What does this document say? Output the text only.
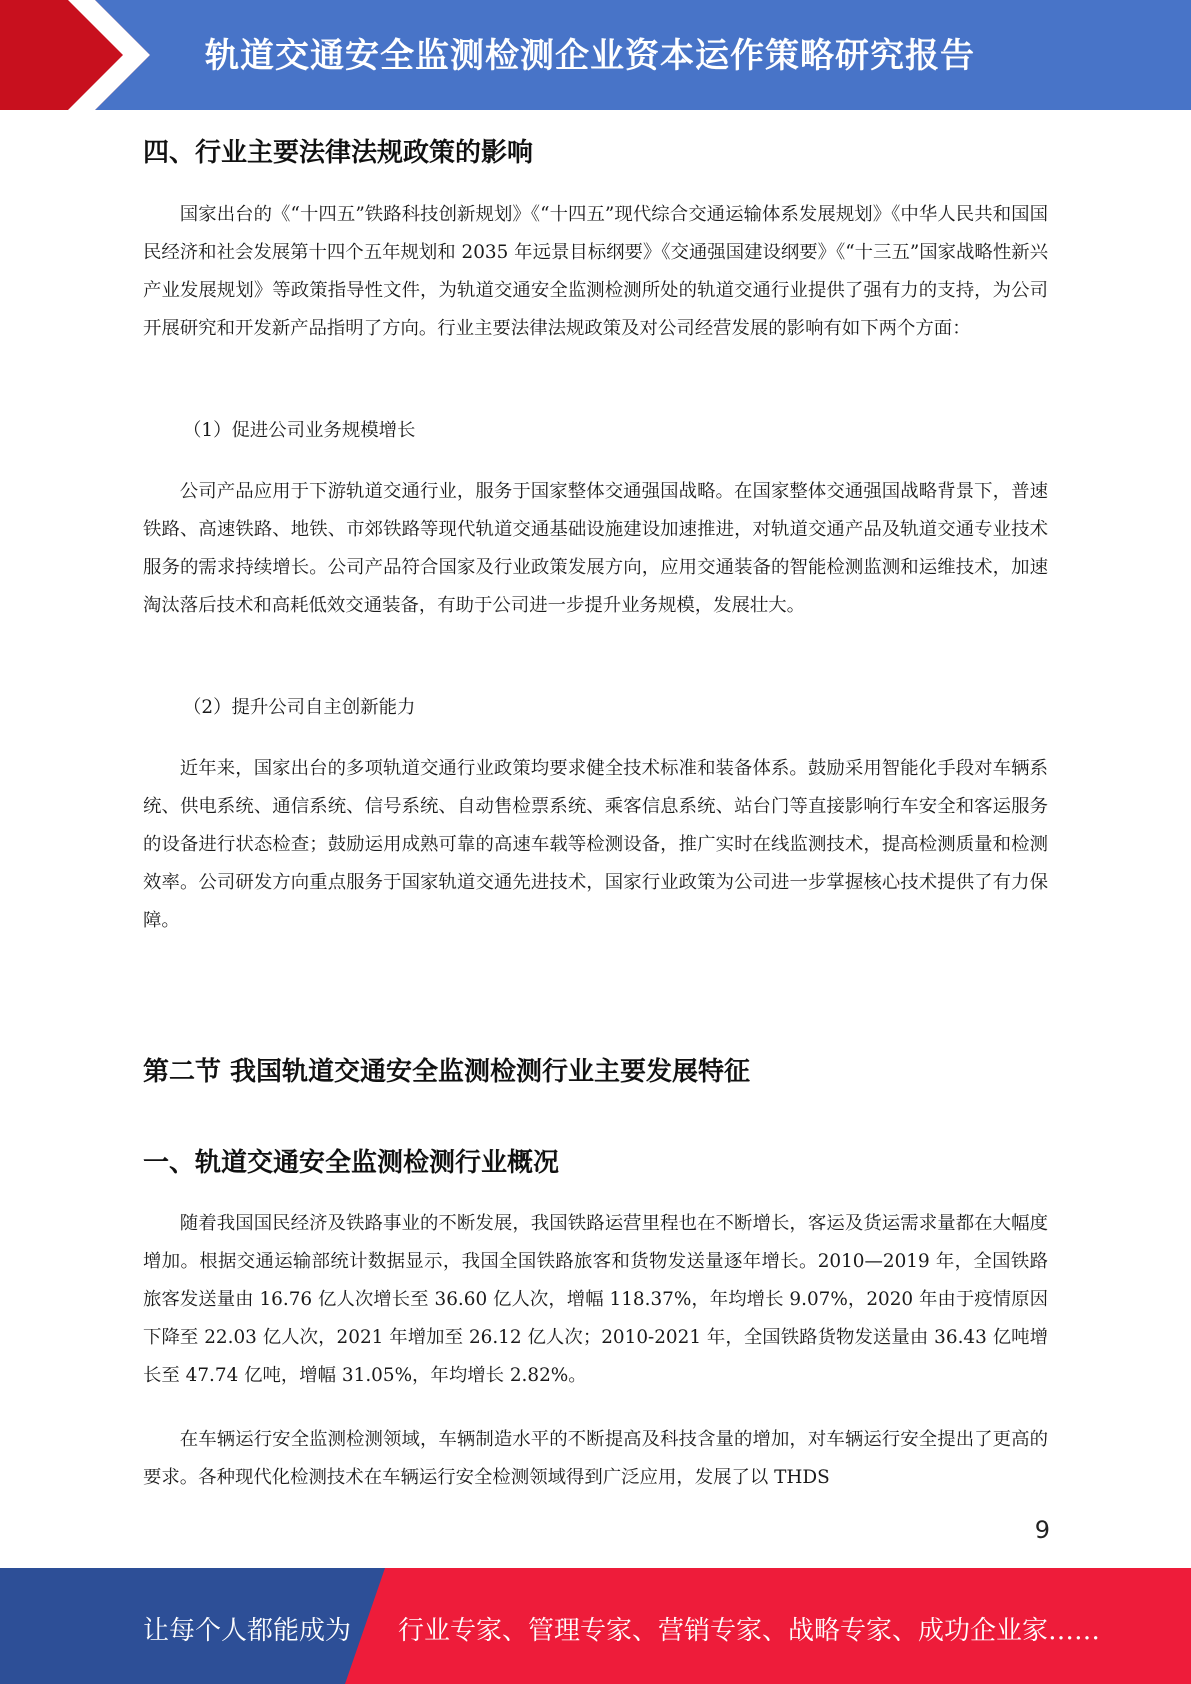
轨道交通安全监测检测企业资本运作策略研究报告
四、行业主要法律法规政策的影响

国家出台的《“十四五”铁路科技创新规划》《“十四五”现代综合交通运输体系发展规划》《中华人民共和国国民经济和社会发展第十四个五年规划和 2035 年远景目标纲要》《交通强国建设纲要》《“十三五”国家战略性新兴产业发展规划》等政策指导性文件，为轨道交通安全监测检测所处的轨道交通行业提供了强有力的支持，为公司开展研究和开发新产品指明了方向。行业主要法律法规政策及对公司经营发展的影响有如下两个方面：

（1）促进公司业务规模增长

公司产品应用于下游轨道交通行业，服务于国家整体交通强国战略。在国家整体交通强国战略背景下，普速铁路、高速铁路、地铁、市郊铁路等现代轨道交通基础设施建设加速推进，对轨道交通产品及轨道交通专业技术服务的需求持续增长。公司产品符合国家及行业政策发展方向，应用交通装备的智能检测监测和运维技术，加速淘汰落后技术和高耗低效交通装备，有助于公司进一步提升业务规模，发展壮大。

（2）提升公司自主创新能力

近年来，国家出台的多项轨道交通行业政策均要求健全技术标准和装备体系。鼓励采用智能化手段对车辆系统、供电系统、通信系统、信号系统、自动售检票系统、乘客信息系统、站台门等直接影响行车安全和客运服务的设备进行状态检查；鼓励运用成熟可靠的高速车载等检测设备，推广实时在线监测技术，提高检测质量和检测效率。公司研发方向重点服务于国家轨道交通先进技术，国家行业政策为公司进一步掌握核心技术提供了有力保障。

第二节 我国轨道交通安全监测检测行业主要发展特征
一、轨道交通安全监测检测行业概况

随着我国国民经济及铁路事业的不断发展，我国铁路运营里程也在不断增长，客运及货运需求量都在大幅度增加。根据交通运输部统计数据显示，我国全国铁路旅客和货物发送量逐年增长。2010—2019 年，全国铁路旅客发送量由 16.76 亿人次增长至 36.60 亿人次，增幅 118.37%，年均增长 9.07%，2020 年由于疫情原因下降至 22.03 亿人次，2021 年增加至 26.12 亿人次；2010-2021 年，全国铁路货物发送量由 36.43 亿吨增长至 47.74 亿吨，增幅 31.05%，年均增长 2.82%。

在车辆运行安全监测检测领域，车辆制造水平的不断提高及科技含量的增加，对车辆运行安全提出了更高的要求。各种现代化检测技术在车辆运行安全检测领域得到广泛应用，发展了以 THDS

9
让每个人都能成为 行业专家、管理专家、营销专家、战略专家、成功企业家……
